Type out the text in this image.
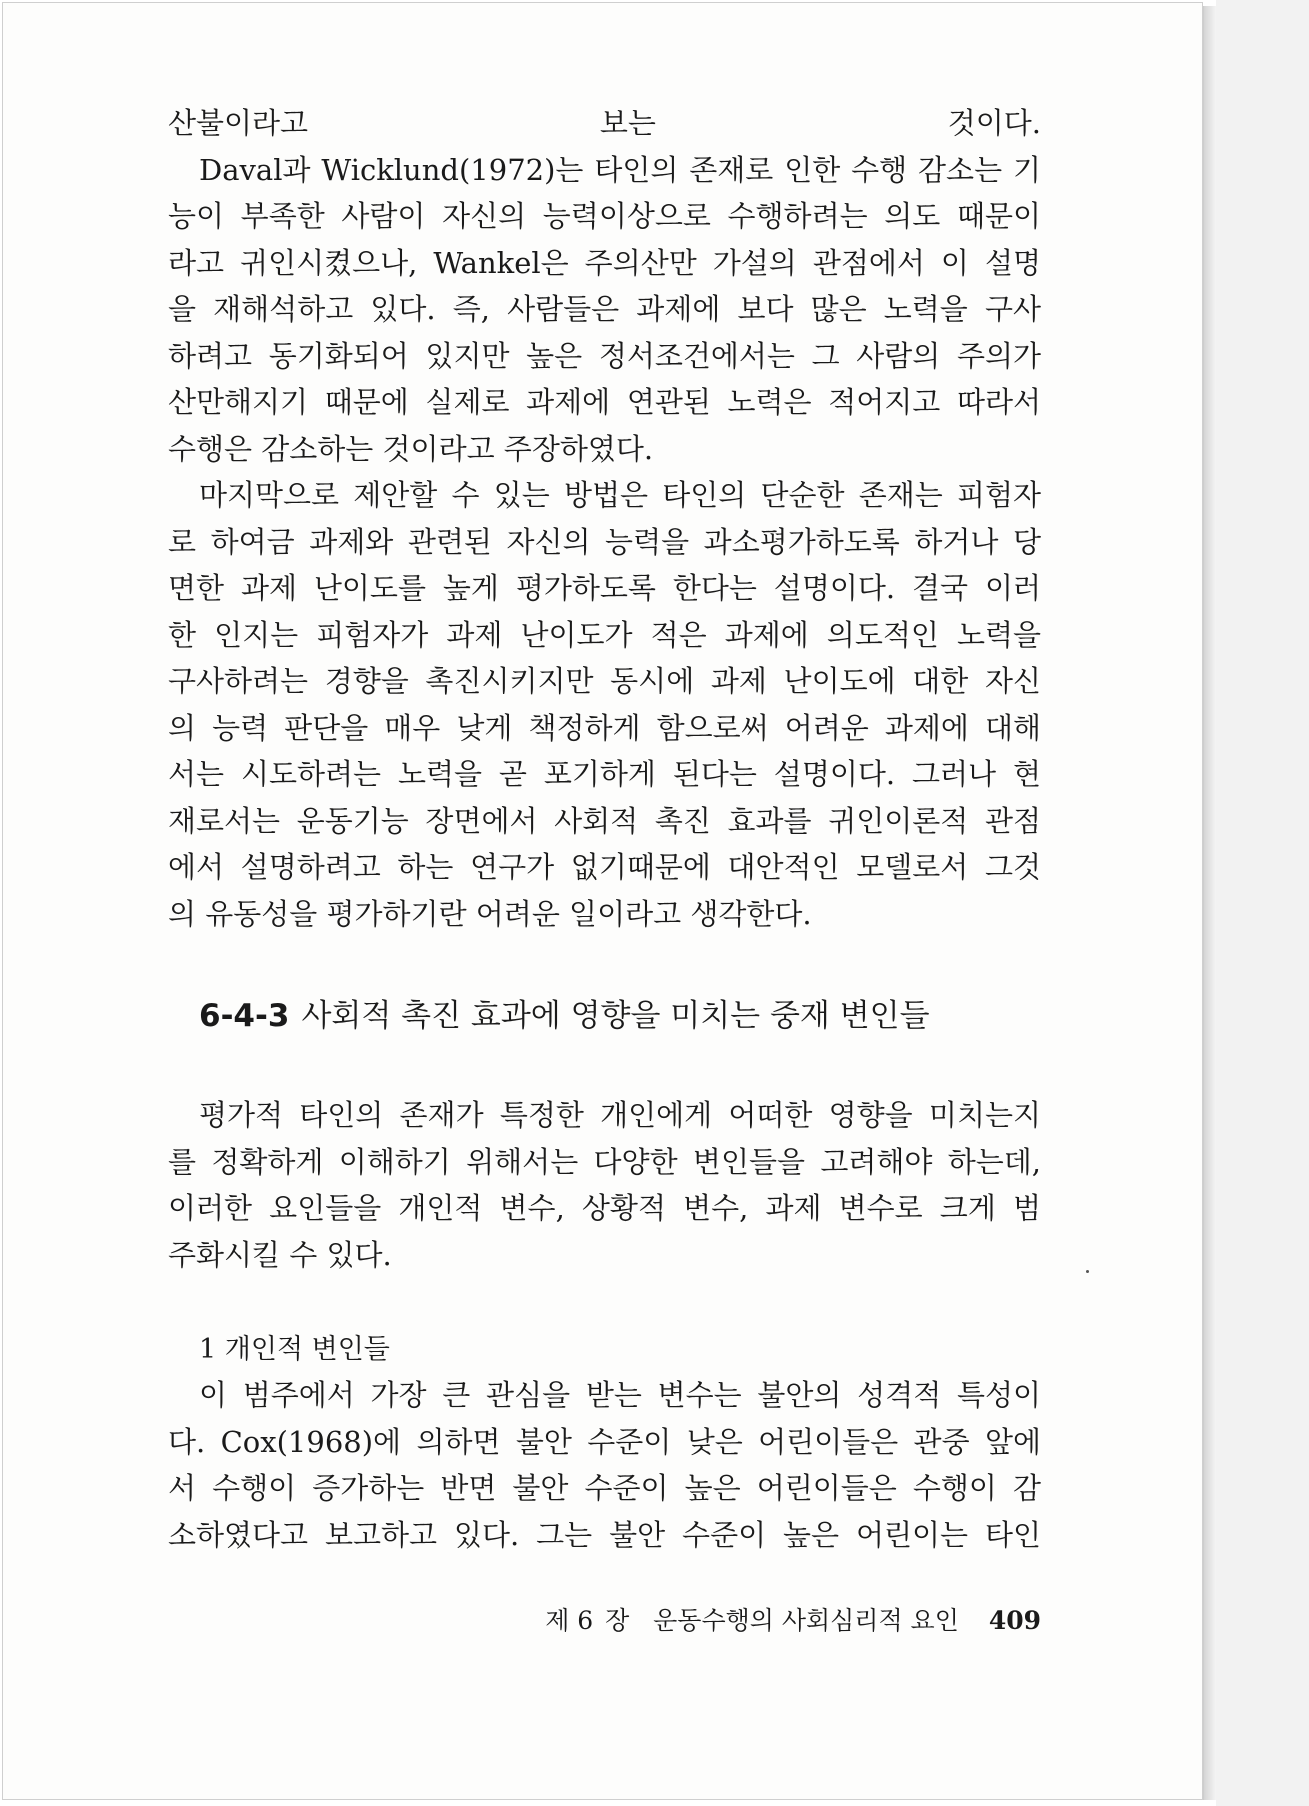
산불이라고 보는 것이다.
Daval과 Wicklund(1972)는 타인의 존재로 인한 수행 감소는 기
능이 부족한 사람이 자신의 능력이상으로 수행하려는 의도 때문이
라고 귀인시켰으나, Wankel은 주의산만 가설의 관점에서 이 설명
을 재해석하고 있다. 즉, 사람들은 과제에 보다 많은 노력을 구사
하려고 동기화되어 있지만 높은 정서조건에서는 그 사람의 주의가
산만해지기 때문에 실제로 과제에 연관된 노력은 적어지고 따라서
수행은 감소하는 것이라고 주장하였다.
마지막으로 제안할 수 있는 방법은 타인의 단순한 존재는 피험자
로 하여금 과제와 관련된 자신의 능력을 과소평가하도록 하거나 당
면한 과제 난이도를 높게 평가하도록 한다는 설명이다. 결국 이러
한 인지는 피험자가 과제 난이도가 적은 과제에 의도적인 노력을
구사하려는 경향을 촉진시키지만 동시에 과제 난이도에 대한 자신
의 능력 판단을 매우 낮게 책정하게 함으로써 어려운 과제에 대해
서는 시도하려는 노력을 곧 포기하게 된다는 설명이다. 그러나 현
재로서는 운동기능 장면에서 사회적 촉진 효과를 귀인이론적 관점
에서 설명하려고 하는 연구가 없기때문에 대안적인 모델로서 그것
의 유동성을 평가하기란 어려운 일이라고 생각한다.
6-4-3 사회적 촉진 효과에 영향을 미치는 중재 변인들
평가적 타인의 존재가 특정한 개인에게 어떠한 영향을 미치는지
를 정확하게 이해하기 위해서는 다양한 변인들을 고려해야 하는데,
이러한 요인들을 개인적 변수, 상황적 변수, 과제 변수로 크게 범
주화시킬 수 있다.
1 개인적 변인들
이 범주에서 가장 큰 관심을 받는 변수는 불안의 성격적 특성이
다. Cox(1968)에 의하면 불안 수준이 낮은 어린이들은 관중 앞에
서 수행이 증가하는 반면 불안 수준이 높은 어린이들은 수행이 감
소하였다고 보고하고 있다. 그는 불안 수준이 높은 어린이는 타인
제 6 장 운동수행의 사회심리적 요인 409
